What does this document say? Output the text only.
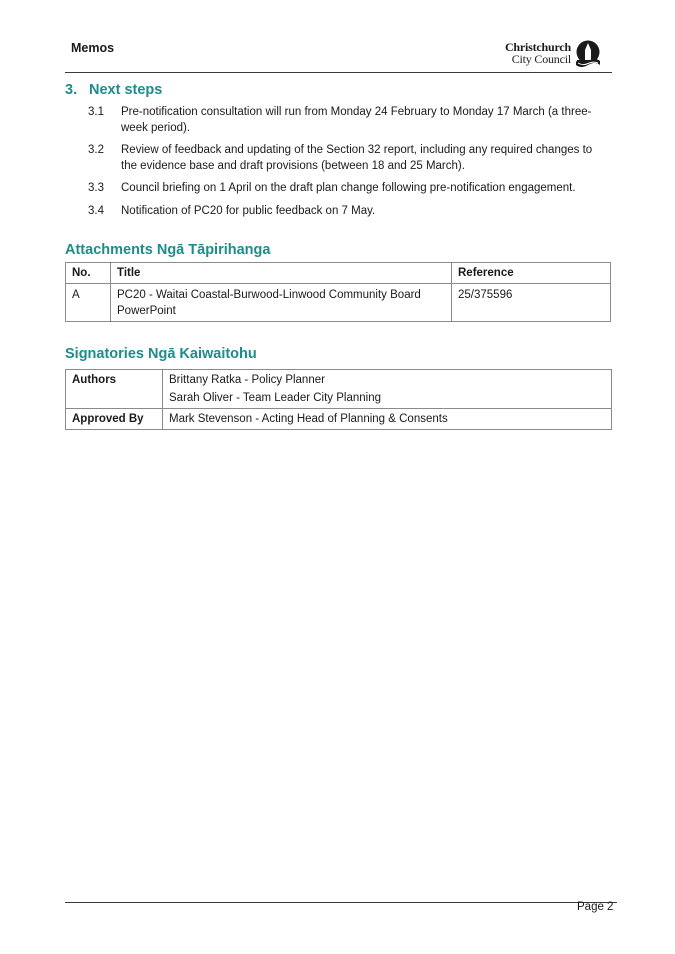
Memos	Christchurch
City Council
3. Next steps
3.1 Pre-notification consultation will run from Monday 24 February to Monday 17 March (a three-week period).
3.2 Review of feedback and updating of the Section 32 report, including any required changes to the evidence base and draft provisions (between 18 and 25 March).
3.3 Council briefing on 1 April on the draft plan change following pre-notification engagement.
3.4 Notification of PC20 for public feedback on 7 May.
Attachments Ngā Tāpirihanga
No.	Title	Reference
A	PC20 - Waitai Coastal-Burwood-Linwood Community Board PowerPoint	25/375596
Signatories Ngā Kaiwaitohu
Authors	Brittany Ratka - Policy Planner
Sarah Oliver - Team Leader City Planning

Approved By	Mark Stevenson - Acting Head of Planning & Consents
Page 2
